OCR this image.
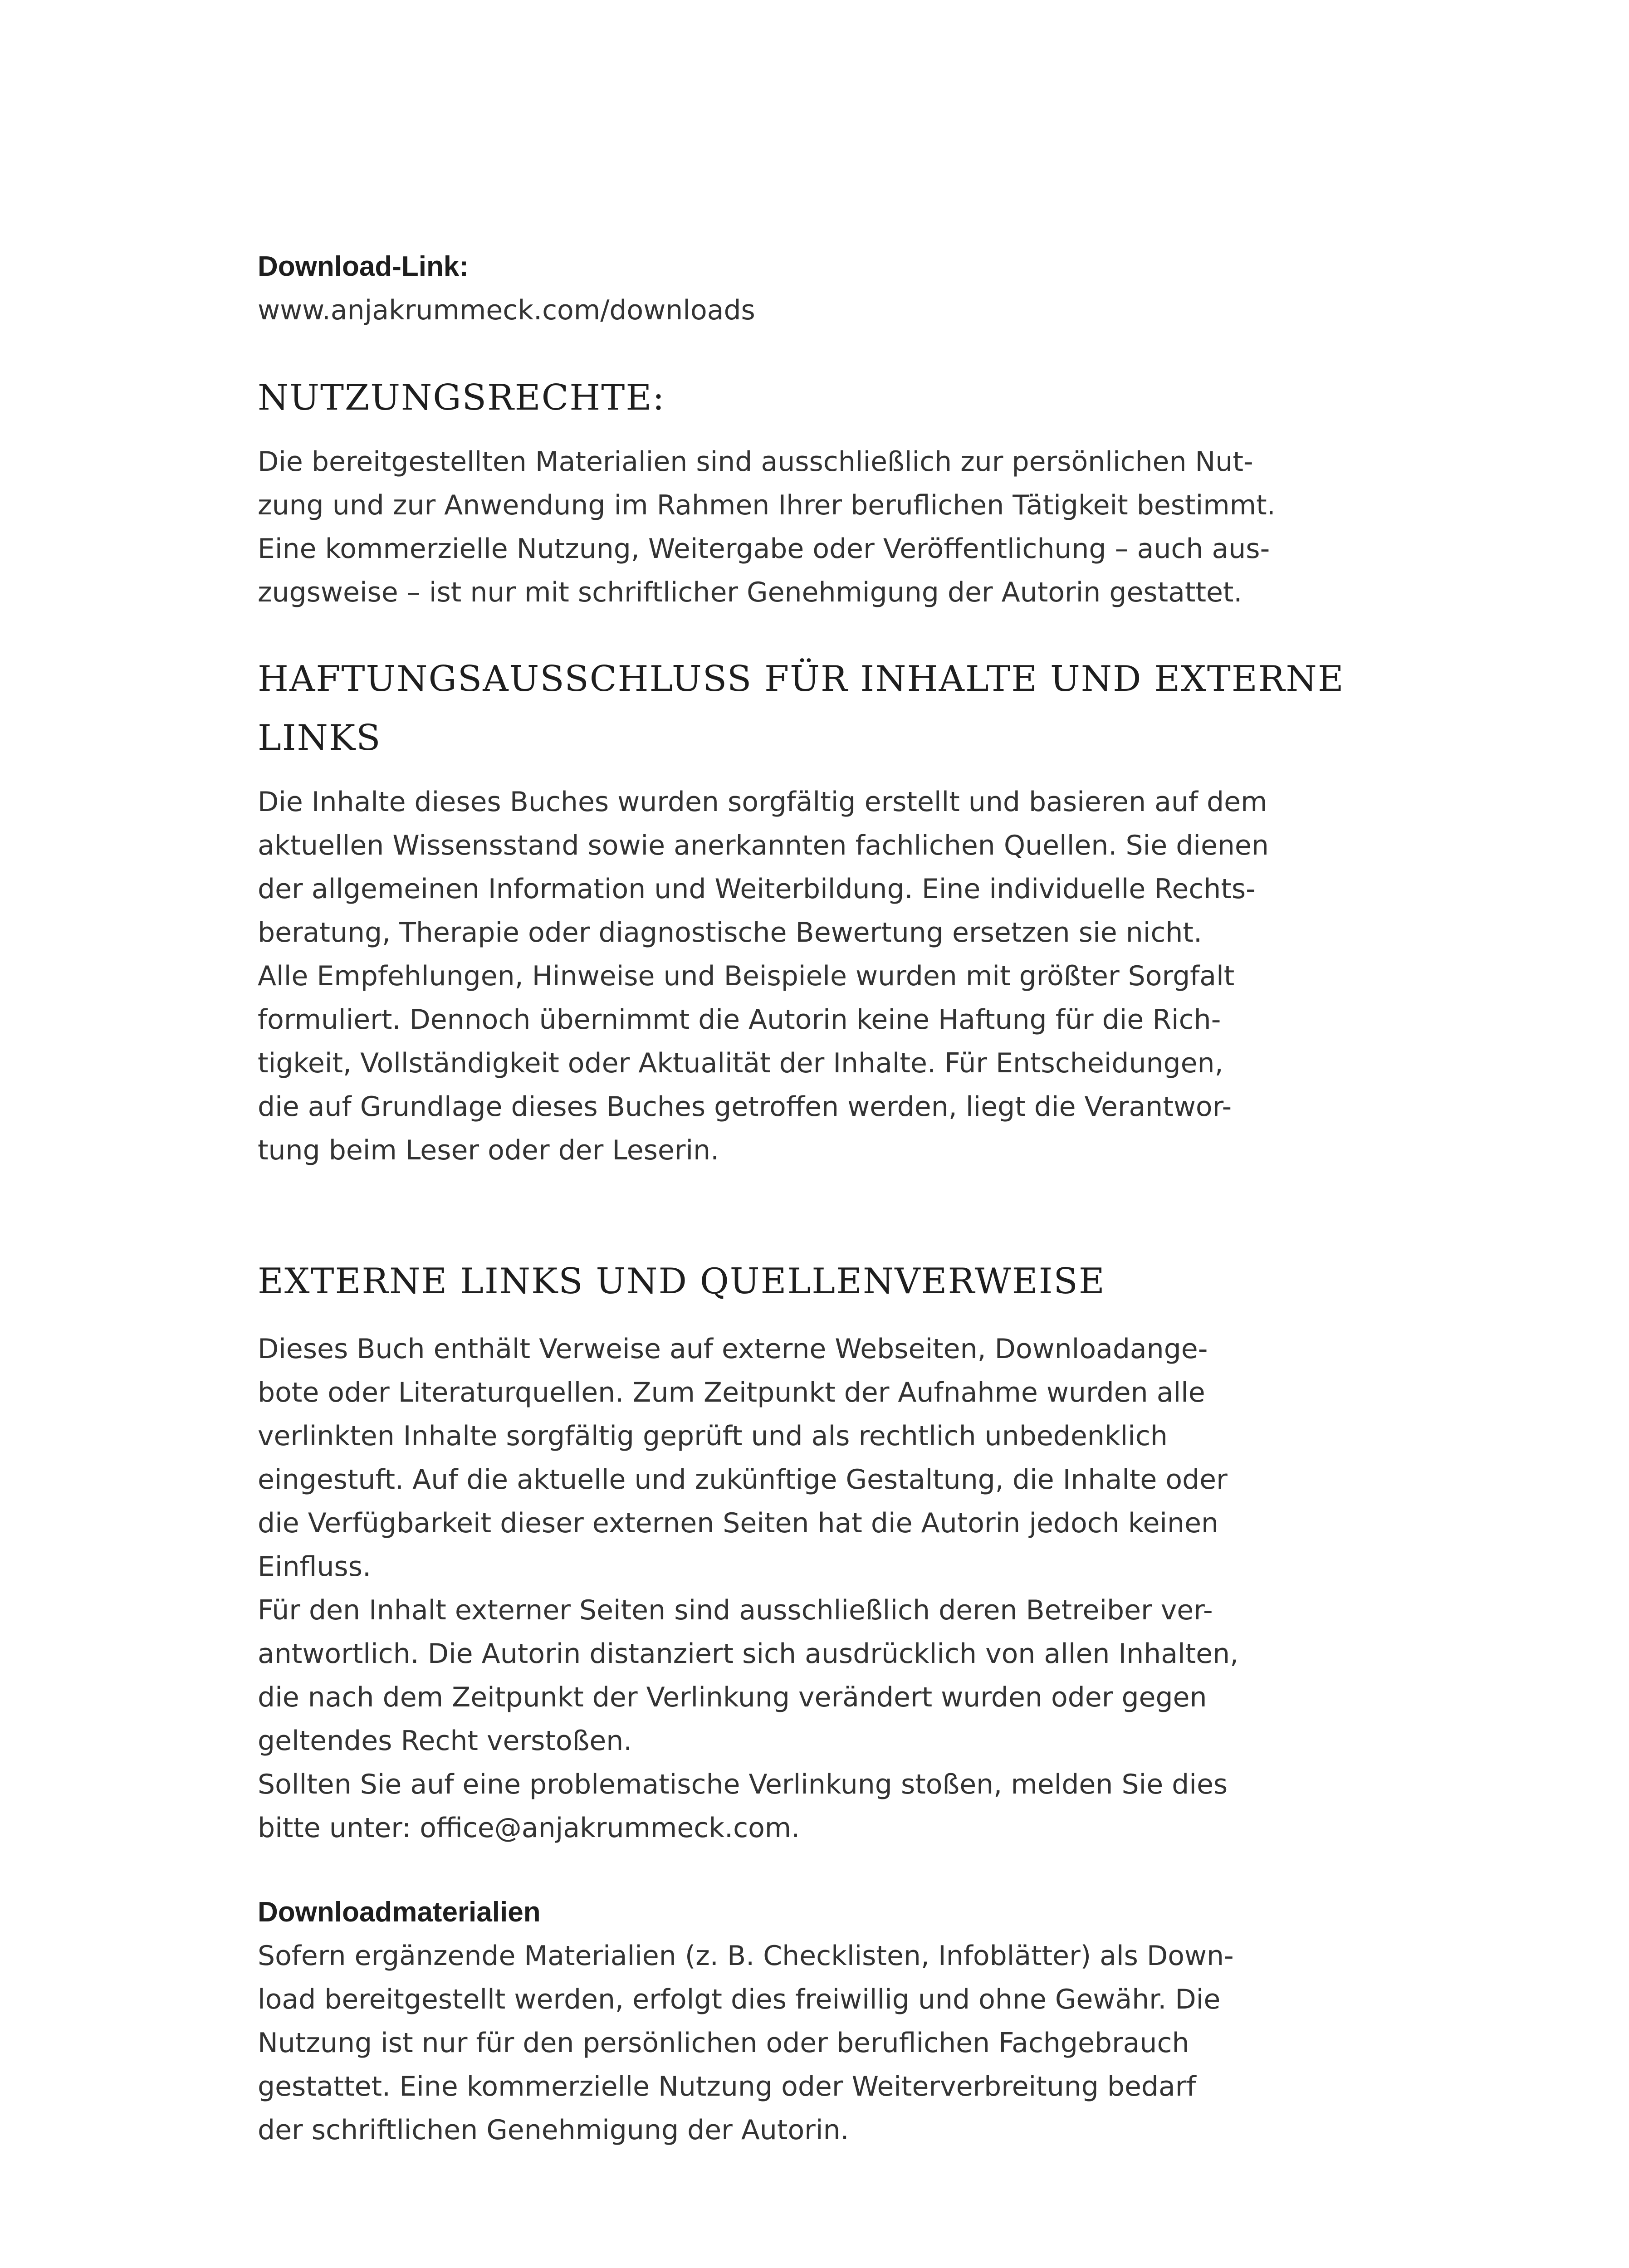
Download-Link:
www.anjakrummeck.com/downloads
NUTZUNGSRECHTE:
Die bereitgestellten Materialien sind ausschließlich zur persönlichen Nut-
zung und zur Anwendung im Rahmen Ihrer beruflichen Tätigkeit bestimmt.
Eine kommerzielle Nutzung, Weitergabe oder Veröffentlichung – auch aus-
zugsweise – ist nur mit schriftlicher Genehmigung der Autorin gestattet.
HAFTUNGSAUSSCHLUSS FÜR INHALTE UND EXTERNE
LINKS
Die Inhalte dieses Buches wurden sorgfältig erstellt und basieren auf dem
aktuellen Wissensstand sowie anerkannten fachlichen Quellen. Sie dienen
der allgemeinen Information und Weiterbildung. Eine individuelle Rechts-
beratung, Therapie oder diagnostische Bewertung ersetzen sie nicht.
Alle Empfehlungen, Hinweise und Beispiele wurden mit größter Sorgfalt
formuliert. Dennoch übernimmt die Autorin keine Haftung für die Rich-
tigkeit, Vollständigkeit oder Aktualität der Inhalte. Für Entscheidungen,
die auf Grundlage dieses Buches getroffen werden, liegt die Verantwor-
tung beim Leser oder der Leserin.
EXTERNE LINKS UND QUELLENVERWEISE
Dieses Buch enthält Verweise auf externe Webseiten, Downloadange-
bote oder Literaturquellen. Zum Zeitpunkt der Aufnahme wurden alle
verlinkten Inhalte sorgfältig geprüft und als rechtlich unbedenklich
eingestuft. Auf die aktuelle und zukünftige Gestaltung, die Inhalte oder
die Verfügbarkeit dieser externen Seiten hat die Autorin jedoch keinen
Einfluss.
Für den Inhalt externer Seiten sind ausschließlich deren Betreiber ver-
antwortlich. Die Autorin distanziert sich ausdrücklich von allen Inhalten,
die nach dem Zeitpunkt der Verlinkung verändert wurden oder gegen
geltendes Recht verstoßen.
Sollten Sie auf eine problematische Verlinkung stoßen, melden Sie dies
bitte unter: office@anjakrummeck.com.
Downloadmaterialien
Sofern ergänzende Materialien (z. B. Checklisten, Infoblätter) als Down-
load bereitgestellt werden, erfolgt dies freiwillig und ohne Gewähr. Die
Nutzung ist nur für den persönlichen oder beruflichen Fachgebrauch
gestattet. Eine kommerzielle Nutzung oder Weiterverbreitung bedarf
der schriftlichen Genehmigung der Autorin.
